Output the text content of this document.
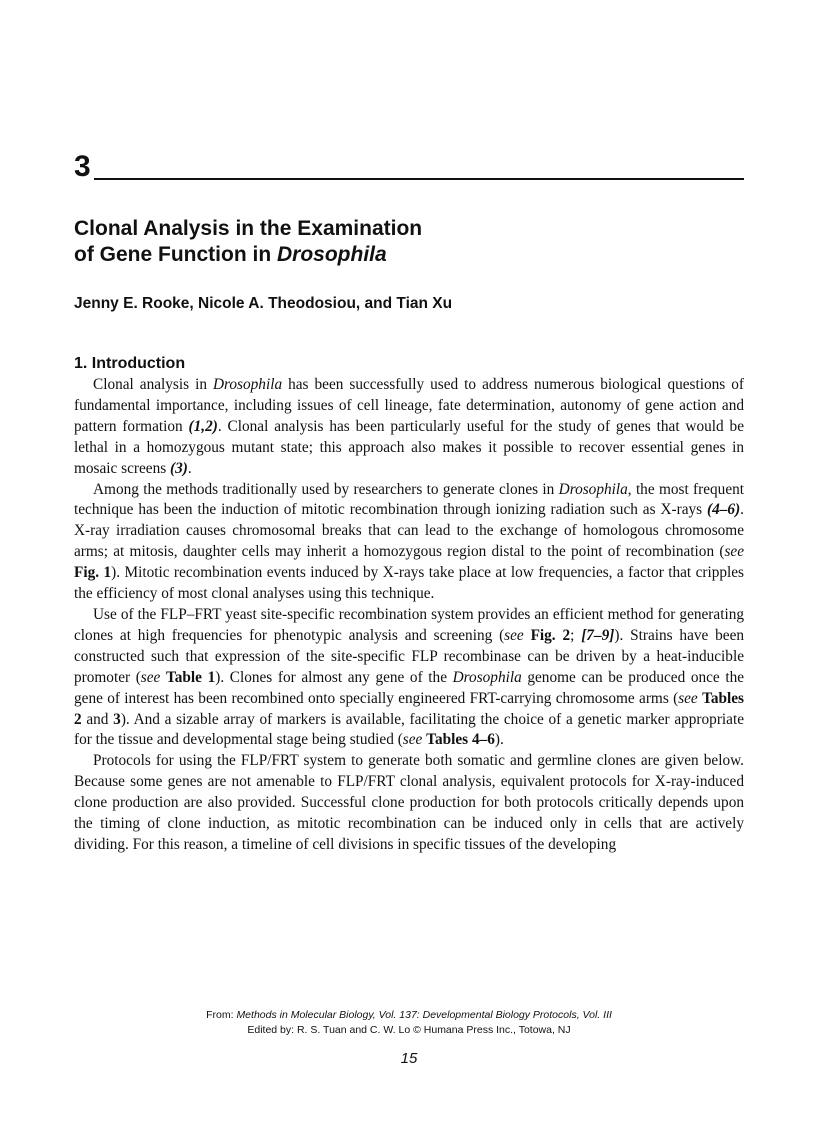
3
Clonal Analysis in the Examination
of Gene Function in Drosophila
Jenny E. Rooke, Nicole A. Theodosiou, and Tian Xu
1. Introduction

Clonal analysis in Drosophila has been successfully used to address numerous biological questions of fundamental importance, including issues of cell lineage, fate determination, autonomy of gene action and pattern formation (1,2). Clonal analysis has been particularly useful for the study of genes that would be lethal in a homozygous mutant state; this approach also makes it possible to recover essential genes in mosaic screens (3).

Among the methods traditionally used by researchers to generate clones in Drosophila, the most frequent technique has been the induction of mitotic recombination through ionizing radiation such as X-rays (4–6). X-ray irradiation causes chromosomal breaks that can lead to the exchange of homologous chromosome arms; at mitosis, daughter cells may inherit a homozygous region distal to the point of recombination (see Fig. 1). Mitotic recombination events induced by X-rays take place at low frequencies, a factor that cripples the efficiency of most clonal analyses using this technique.

Use of the FLP–FRT yeast site-specific recombination system provides an efficient method for generating clones at high frequencies for phenotypic analysis and screening (see Fig. 2; [7–9]). Strains have been constructed such that expression of the site-specific FLP recombinase can be driven by a heat-inducible promoter (see Table 1). Clones for almost any gene of the Drosophila genome can be produced once the gene of interest has been recombined onto specially engineered FRT-carrying chromosome arms (see Tables 2 and 3). And a sizable array of markers is available, facilitating the choice of a genetic marker appropriate for the tissue and developmental stage being studied (see Tables 4–6).

Protocols for using the FLP/FRT system to generate both somatic and germline clones are given below. Because some genes are not amenable to FLP/FRT clonal analysis, equivalent protocols for X-ray-induced clone production are also provided. Successful clone production for both protocols critically depends upon the timing of clone induction, as mitotic recombination can be induced only in cells that are actively dividing. For this reason, a timeline of cell divisions in specific tissues of the developing

From: Methods in Molecular Biology, Vol. 137: Developmental Biology Protocols, Vol. III
Edited by: R. S. Tuan and C. W. Lo © Humana Press Inc., Totowa, NJ
15
